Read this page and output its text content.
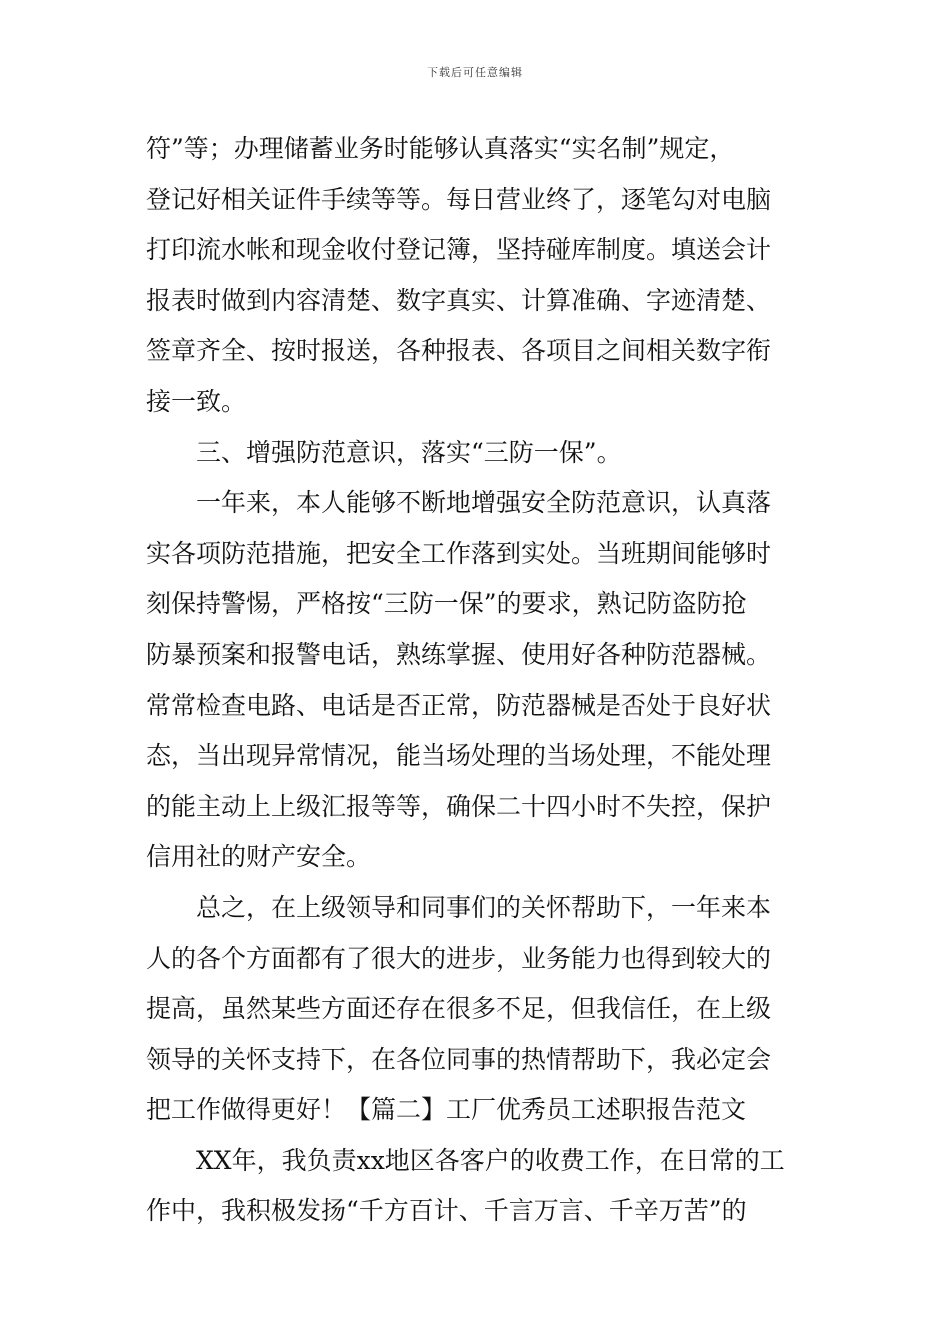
下载后可任意编辑
符”等；办理储蓄业务时能够认真落实“实名制”规定，
登记好相关证件手续等等。每日营业终了，逐笔勾对电脑
打印流水帐和现金收付登记簿，坚持碰库制度。填送会计
报表时做到内容清楚、数字真实、计算准确、字迹清楚、
签章齐全、按时报送，各种报表、各项目之间相关数字衔
接一致。
三、增强防范意识，落实“三防一保”。
一年来，本人能够不断地增强安全防范意识，认真落
实各项防范措施，把安全工作落到实处。当班期间能够时
刻保持警惕，严格按“三防一保”的要求，熟记防盗防抢
防暴预案和报警电话，熟练掌握、使用好各种防范器械。
常常检查电路、电话是否正常，防范器械是否处于良好状
态，当出现异常情况，能当场处理的当场处理，不能处理
的能主动上上级汇报等等，确保二十四小时不失控，保护
信用社的财产安全。
总之，在上级领导和同事们的关怀帮助下，一年来本
人的各个方面都有了很大的进步，业务能力也得到较大的
提高，虽然某些方面还存在很多不足，但我信任，在上级
领导的关怀支持下，在各位同事的热情帮助下，我必定会
把工作做得更好！【篇二】工厂优秀员工述职报告范文
XX年，我负责xx地区各客户的收费工作，在日常的工
作中，我积极发扬“千方百计、千言万言、千辛万苦”的
